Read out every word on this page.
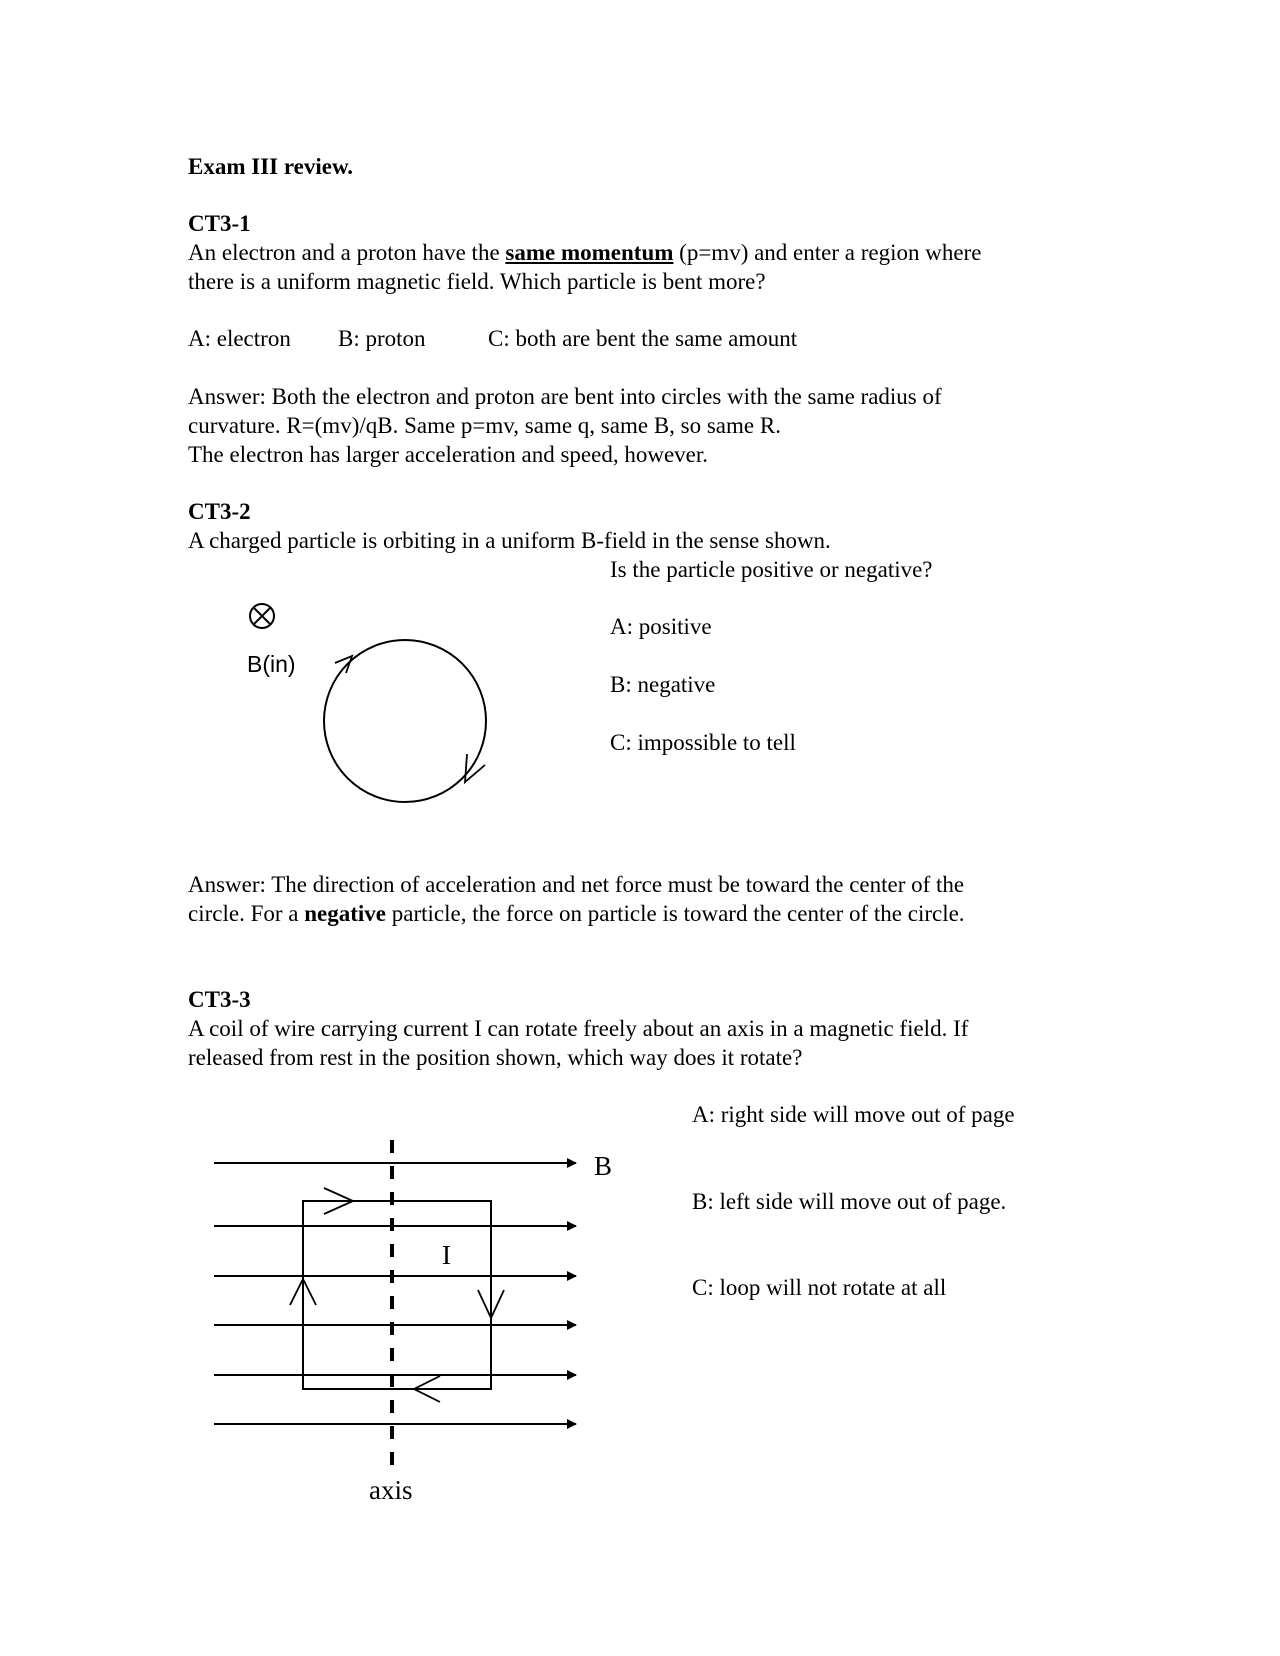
Exam III review.
CT3-1
An electron and a proton have the same momentum (p=mv) and enter a region where
there is a uniform magnetic field. Which particle is bent more?
A: electron B: proton	C: both are bent the same amount
Answer: Both the electron and proton are bent into circles with the same radius of
curvature. R=(mv)/qB. Same p=mv, same q, same B, so same R.
The electron has larger acceleration and speed, however.
CT3-2
A charged particle is orbiting in a uniform B-field in the sense shown.
Is the particle positive or negative?
A: positive
B: negative
C: impossible to tell
B(in)
Answer: The direction of acceleration and net force must be toward the center of the
circle. For a negative particle, the force on particle is toward the center of the circle.
CT3-3
A coil of wire carrying current I can rotate freely about an axis in a magnetic field. If
released from rest in the position shown, which way does it rotate?
A: right side will move out of page
B: left side will move out of page.
C: loop will not rotate at all
B
I
axis
